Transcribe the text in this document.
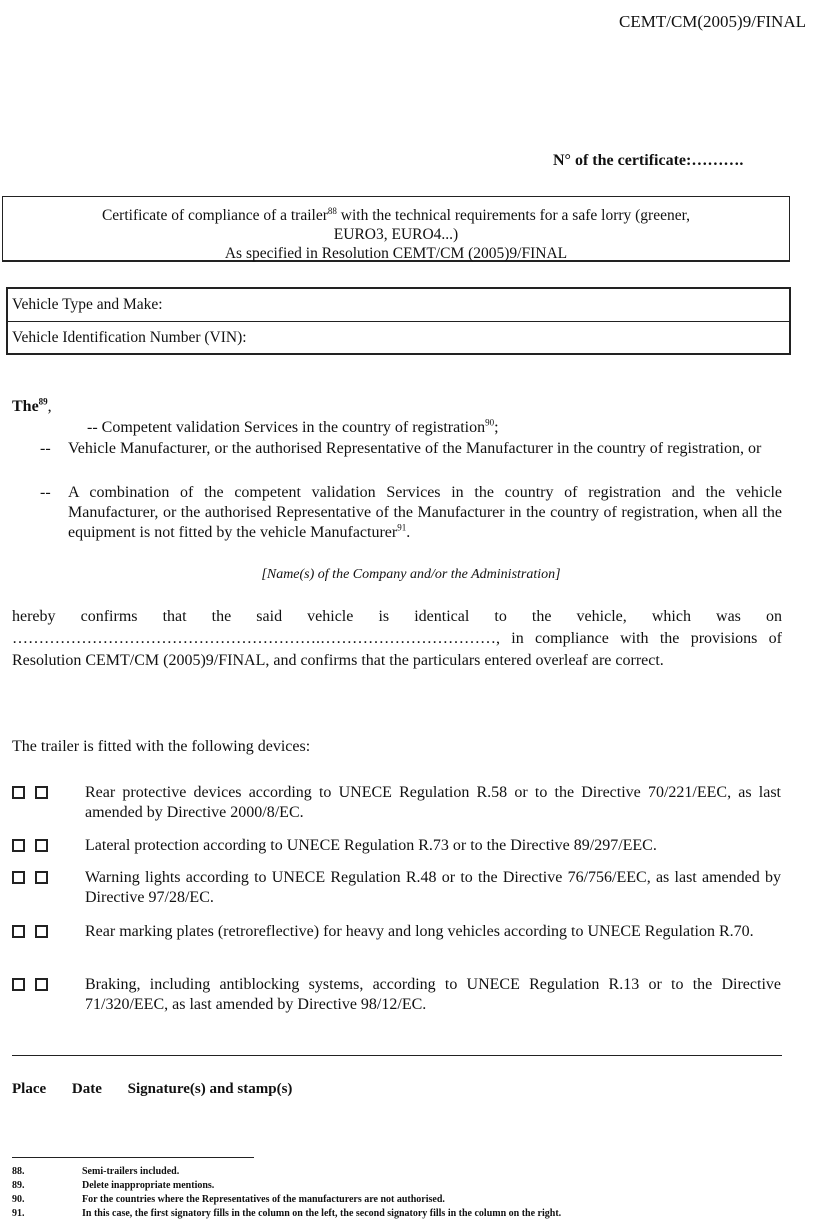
CEMT/CM(2005)9/FINAL
N° of the certificate:……….
Certificate of compliance of a trailer$^{88}$ with the technical requirements for a safe lorry (greener,
EURO3, EURO4...)
As specified in Resolution CEMT/CM (2005)9/FINAL
Vehicle Type and Make:
Vehicle Identification Number (VIN):
The$^{89}$,
-- Competent validation Services in the country of registration$^{90}$;
-- Vehicle Manufacturer, or the authorised Representative of the Manufacturer in the country of registration, or
-- A combination of the competent validation Services in the country of registration and the vehicle Manufacturer, or the authorised Representative of the Manufacturer in the country of registration, when all the equipment is not fitted by the vehicle Manufacturer$^{91}$.
[Name(s) of the Company and/or the Administration]
hereby confirms that the said vehicle is identical to the vehicle, which was on
………………………………………………….……………………………, in compliance with the provisions of
Resolution CEMT/CM (2005)9/FINAL, and confirms that the particulars entered overleaf are correct.
The trailer is fitted with the following devices:
Rear protective devices according to UNECE Regulation R.58 or to the Directive 70/221/EEC, as last amended by Directive 2000/8/EC.
Lateral protection according to UNECE Regulation R.73 or to the Directive 89/297/EEC.
Warning lights according to UNECE Regulation R.48 or to the Directive 76/756/EEC, as last amended by Directive 97/28/EC.
Rear marking plates (retroreflective) for heavy and long vehicles according to UNECE Regulation R.70.
Braking, including antiblocking systems, according to UNECE Regulation R.13 or to the Directive 71/320/EEC, as last amended by Directive 98/12/EC.
Place Date Signature(s) and stamp(s)
88.	Semi-trailers included.
89.	Delete inappropriate mentions.
90.	For the countries where the Representatives of the manufacturers are not authorised.
91.	In this case, the first signatory fills in the column on the left, the second signatory fills in the column on the right.
